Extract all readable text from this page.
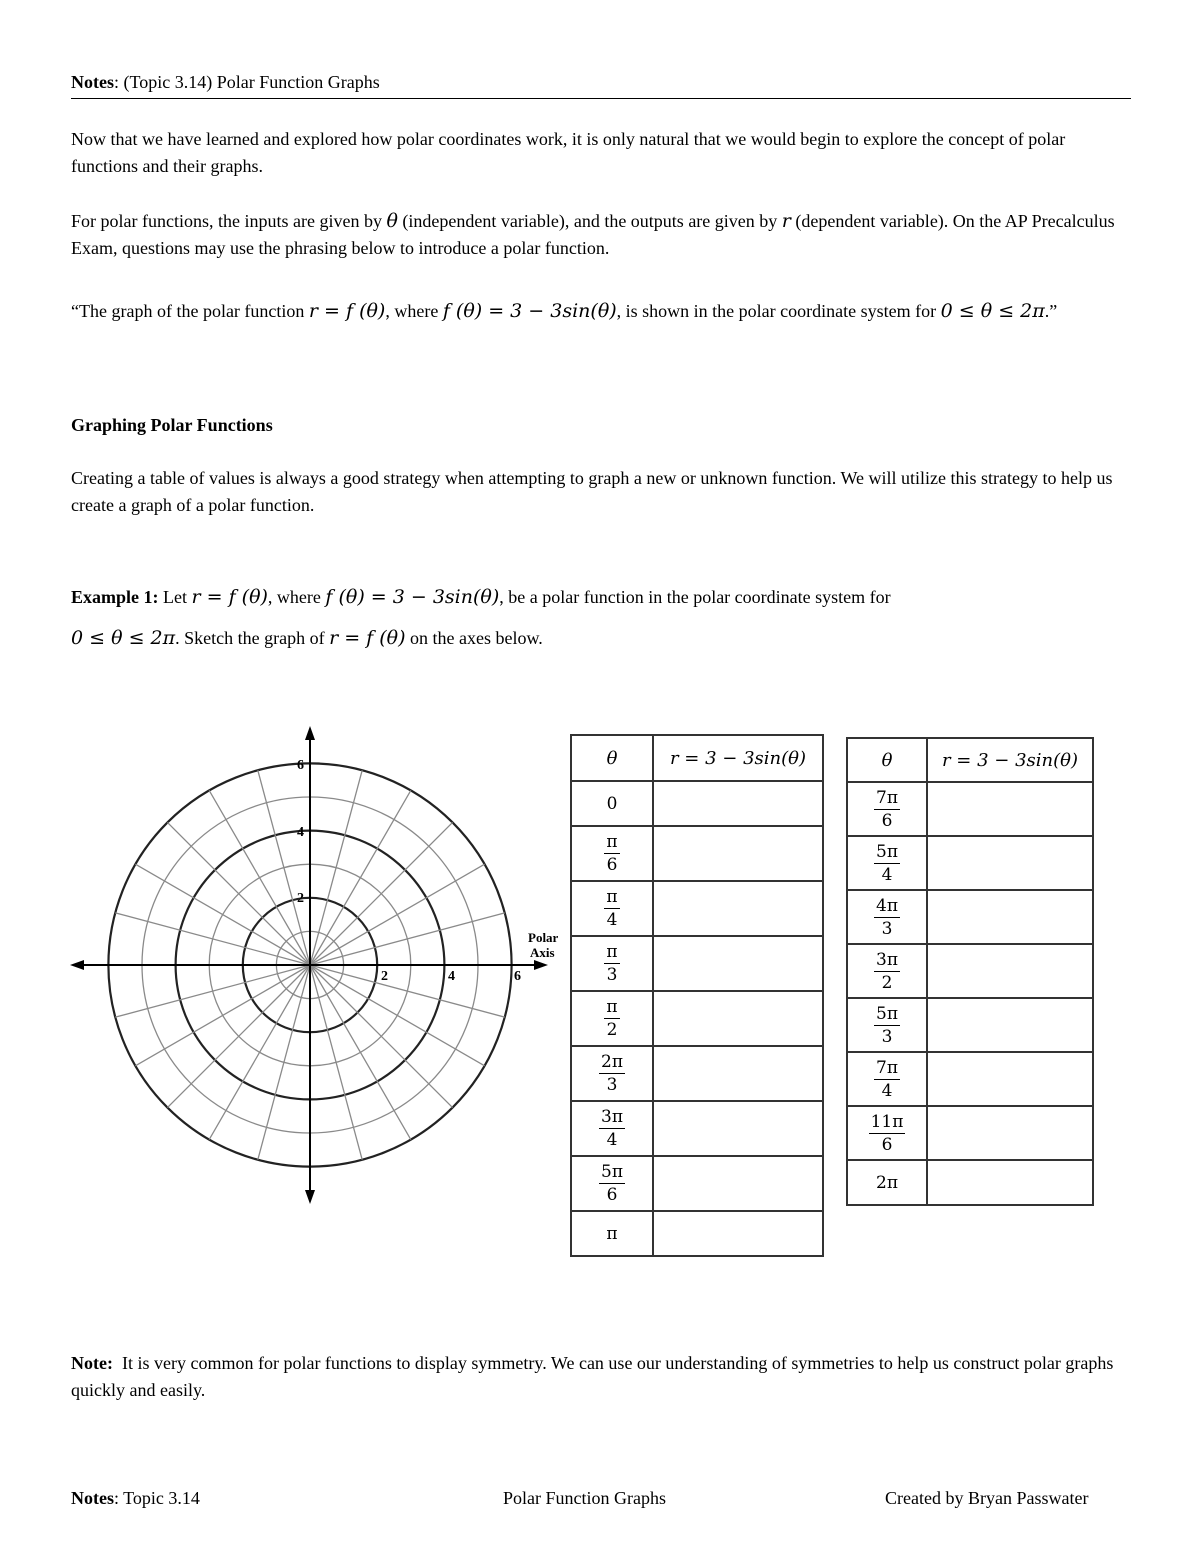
Notes: (Topic 3.14) Polar Function Graphs
Now that we have learned and explored how polar coordinates work, it is only natural that we would begin to explore the concept of polar functions and their graphs.
For polar functions, the inputs are given by θ (independent variable), and the outputs are given by r (dependent variable). On the AP Precalculus Exam, questions may use the phrasing below to introduce a polar function.
“The graph of the polar function r = f (θ), where f (θ) = 3 − 3sin(θ), is shown in the polar coordinate system for 0 ≤ θ ≤ 2π.”
Graphing Polar Functions
Creating a table of values is always a good strategy when attempting to graph a new or unknown function. We will utilize this strategy to help us create a graph of a polar function.
Example 1: Let r = f (θ), where f (θ) = 3 − 3sin(θ), be a polar function in the polar coordinate system for
0 ≤ θ ≤ 2π. Sketch the graph of r = f (θ) on the axes below.
2	4	6
2
4
6
Polar
Axis
θ	r = 3 − 3sin(θ)
0	

$\frac{\pi}{6}$

$\frac{\pi}{4}$

$\frac{\pi}{3}$

$\frac{\pi}{2}$

$\frac{2\pi}{3}$

$\frac{3\pi}{4}$

$\frac{5\pi}{6}$

π	
θ	r = 3 − 3sin(θ)

$\frac{7\pi}{6}$

$\frac{5\pi}{4}$

$\frac{4\pi}{3}$

$\frac{3\pi}{2}$

$\frac{5\pi}{3}$

$\frac{7\pi}{4}$

$\frac{11\pi}{6}$

2π	
Note: It is very common for polar functions to display symmetry. We can use our understanding of symmetries to help us construct polar graphs quickly and easily.
Notes: Topic 3.14	Polar Function Graphs	Created by Bryan Passwater
